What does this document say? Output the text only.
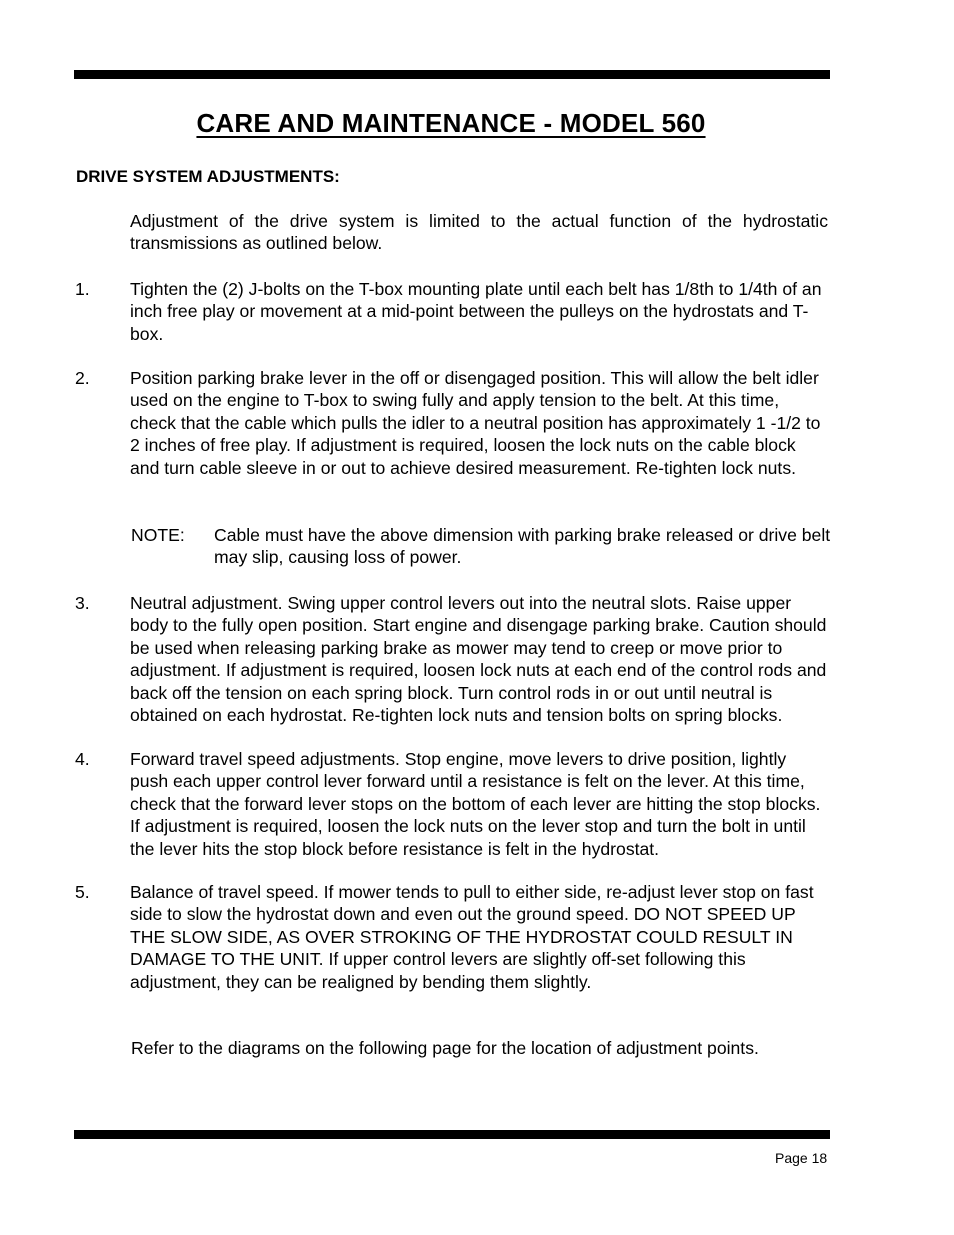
CARE AND MAINTENANCE - MODEL 560
DRIVE SYSTEM ADJUSTMENTS:
Adjustment of the drive system is limited to the actual function of the hydrostatic transmissions as outlined below.
1. Tighten the (2) J-bolts on the T-box mounting plate until each belt has 1/8th to 1/4th of an inch free play or movement at a mid-point between the pulleys on the hydrostats and T-box.
2. Position parking brake lever in the off or disengaged position. This will allow the belt idler used on the engine to T-box to swing fully and apply tension to the belt. At this time, check that the cable which pulls the idler to a neutral position has approximately 1 -1/2 to 2 inches of free play. If adjustment is required, loosen the lock nuts on the cable block and turn cable sleeve in or out to achieve desired measurement. Re-tighten lock nuts.
NOTE:	Cable must have the above dimension with parking brake released or drive belt may slip, causing loss of power.
3. Neutral adjustment. Swing upper control levers out into the neutral slots. Raise upper body to the fully open position. Start engine and disengage parking brake. Caution should be used when releasing parking brake as mower may tend to creep or move prior to adjustment. If adjustment is required, loosen lock nuts at each end of the control rods and back off the tension on each spring block. Turn control rods in or out until neutral is obtained on each hydrostat. Re-tighten lock nuts and tension bolts on spring blocks.
4. Forward travel speed adjustments. Stop engine, move levers to drive position, lightly push each upper control lever forward until a resistance is felt on the lever. At this time, check that the forward lever stops on the bottom of each lever are hitting the stop blocks. If adjustment is required, loosen the lock nuts on the lever stop and turn the bolt in until the lever hits the stop block before resistance is felt in the hydrostat.
5. Balance of travel speed. If mower tends to pull to either side, re-adjust lever stop on fast side to slow the hydrostat down and even out the ground speed. DO NOT SPEED UP THE SLOW SIDE, AS OVER STROKING OF THE HYDROSTAT COULD RESULT IN DAMAGE TO THE UNIT. If upper control levers are slightly off-set following this adjustment, they can be realigned by bending them slightly.
Refer to the diagrams on the following page for the location of adjustment points.
Page 18
